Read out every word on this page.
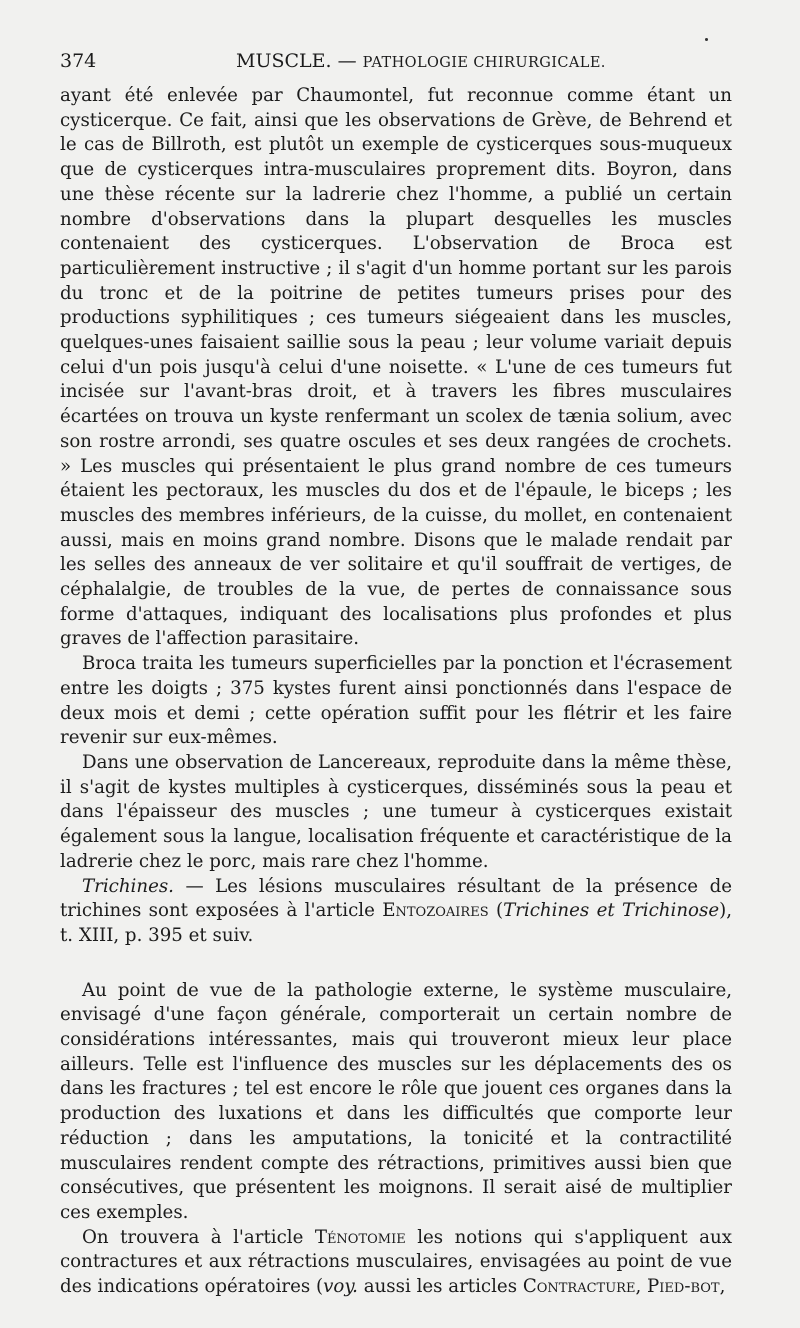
374	MUSCLE. — PATHOLOGIE CHIRURGICALE.

ayant été enlevée par Chaumontel, fut reconnue comme étant un cysticerque. Ce fait, ainsi que les observations de Grève, de Behrend et le cas de Billroth, est plutôt un exemple de cysticerques sous-muqueux que de cysticerques intra-musculaires proprement dits. Boyron, dans une thèse récente sur la ladrerie chez l'homme, a publié un certain nombre d'observations dans la plupart desquelles les muscles contenaient des cysticerques. L'observation de Broca est particulièrement instructive ; il s'agit d'un homme portant sur les parois du tronc et de la poitrine de petites tumeurs prises pour des productions syphilitiques ; ces tumeurs siégeaient dans les muscles, quelques-unes faisaient saillie sous la peau ; leur volume variait depuis celui d'un pois jusqu'à celui d'une noisette. « L'une de ces tumeurs fut incisée sur l'avant-bras droit, et à travers les fibres musculaires écartées on trouva un kyste renfermant un scolex de tænia solium, avec son rostre arrondi, ses quatre oscules et ses deux rangées de crochets. » Les muscles qui présentaient le plus grand nombre de ces tumeurs étaient les pectoraux, les muscles du dos et de l'épaule, le biceps ; les muscles des membres inférieurs, de la cuisse, du mollet, en contenaient aussi, mais en moins grand nombre. Disons que le malade rendait par les selles des anneaux de ver solitaire et qu'il souffrait de vertiges, de céphalalgie, de troubles de la vue, de pertes de connaissance sous forme d'attaques, indiquant des localisations plus profondes et plus graves de l'affection parasitaire.

Broca traita les tumeurs superficielles par la ponction et l'écrasement entre les doigts ; 375 kystes furent ainsi ponctionnés dans l'espace de deux mois et demi ; cette opération suffit pour les flétrir et les faire revenir sur eux-mêmes.

Dans une observation de Lancereaux, reproduite dans la même thèse, il s'agit de kystes multiples à cysticerques, disséminés sous la peau et dans l'épaisseur des muscles ; une tumeur à cysticerques existait également sous la langue, localisation fréquente et caractéristique de la ladrerie chez le porc, mais rare chez l'homme.

Trichines. — Les lésions musculaires résultant de la présence de trichines sont exposées à l'article Entozoaires (Trichines et Trichinose), t. XIII, p. 395 et suiv.

Au point de vue de la pathologie externe, le système musculaire, envisagé d'une façon générale, comporterait un certain nombre de considérations intéressantes, mais qui trouveront mieux leur place ailleurs. Telle est l'influence des muscles sur les déplacements des os dans les fractures ; tel est encore le rôle que jouent ces organes dans la production des luxations et dans les difficultés que comporte leur réduction ; dans les amputations, la tonicité et la contractilité musculaires rendent compte des rétractions, primitives aussi bien que consécutives, que présentent les moignons. Il serait aisé de multiplier ces exemples.

On trouvera à l'article Ténotomie les notions qui s'appliquent aux contractures et aux rétractions musculaires, envisagées au point de vue des indications opératoires (voy. aussi les articles Contracture, Pied-bot,
